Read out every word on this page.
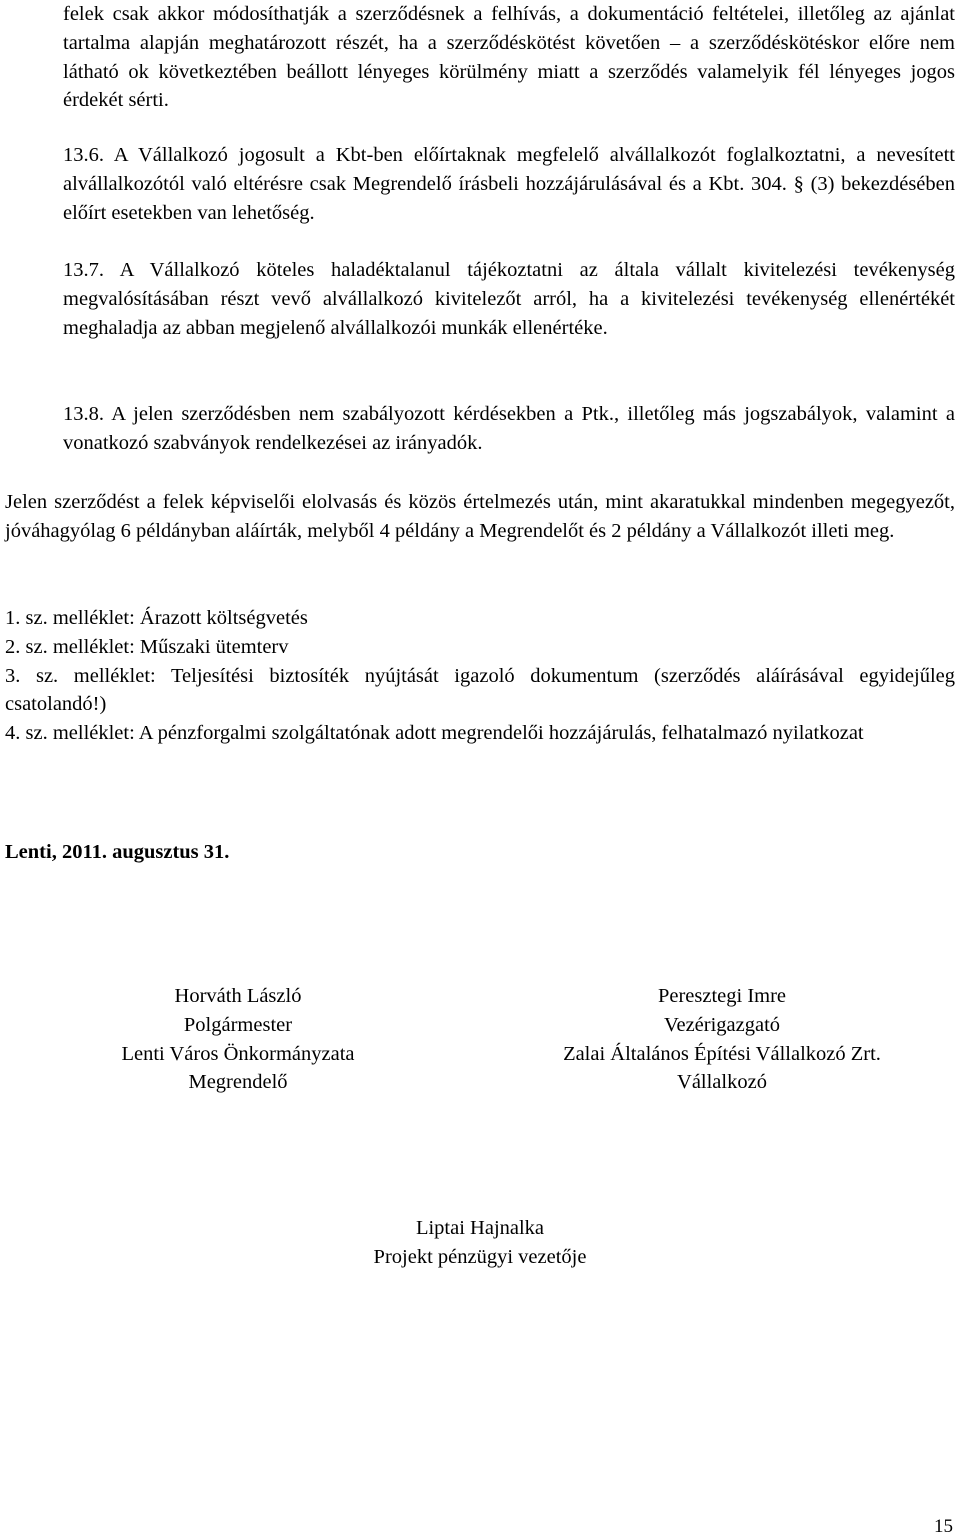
felek csak akkor módosíthatják a szerződésnek a felhívás, a dokumentáció feltételei, illetőleg az ajánlat tartalma alapján meghatározott részét, ha a szerződéskötést követően – a szerződéskötéskor előre nem látható ok következtében beállott lényeges körülmény miatt a szerződés valamelyik fél lényeges jogos érdekét sérti.

13.6. A Vállalkozó jogosult a Kbt-ben előírtaknak megfelelő alvállalkozót foglalkoztatni, a nevesített alvállalkozótól való eltérésre csak Megrendelő írásbeli hozzájárulásával és a Kbt. 304. § (3) bekezdésében előírt esetekben van lehetőség.

13.7. A Vállalkozó köteles haladéktalanul tájékoztatni az általa vállalt kivitelezési tevékenység megvalósításában részt vevő alvállalkozó kivitelezőt arról, ha a kivitelezési tevékenység ellenértékét meghaladja az abban megjelenő alvállalkozói munkák ellenértéke.

13.8. A jelen szerződésben nem szabályozott kérdésekben a Ptk., illetőleg más jogszabályok, valamint a vonatkozó szabványok rendelkezései az irányadók.

Jelen szerződést a felek képviselői elolvasás és közös értelmezés után, mint akaratukkal mindenben megegyezőt, jóváhagyólag 6 példányban aláírták, melyből 4 példány a Megrendelőt és 2 példány a Vállalkozót illeti meg.

1. sz. melléklet: Árazott költségvetés
2. sz. melléklet: Műszaki ütemterv
3. sz. melléklet: Teljesítési biztosíték nyújtását igazoló dokumentum (szerződés aláírásával egyidejűleg csatolandó!)
4. sz. melléklet: A pénzforgalmi szolgáltatónak adott megrendelői hozzájárulás, felhatalmazó nyilatkozat
Lenti, 2011. augusztus 31.
Horváth László
Polgármester
Lenti Város Önkormányzata
Megrendelő
Peresztegi Imre
Vezérigazgató
Zalai Általános Építési Vállalkozó Zrt.
Vállalkozó
Liptai Hajnalka
Projekt pénzügyi vezetője
15
